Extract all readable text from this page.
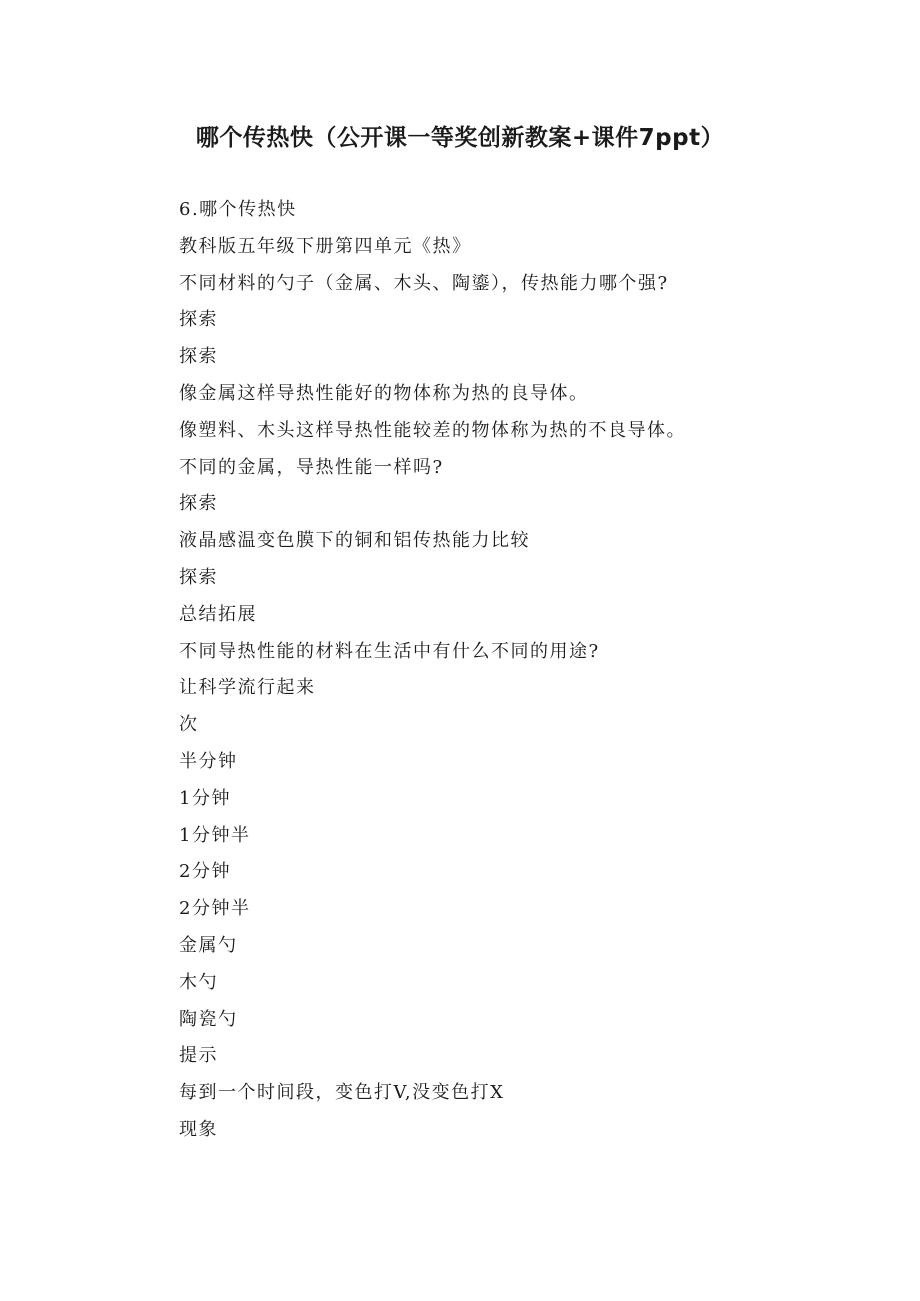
哪个传热快（公开课一等奖创新教案+课件7ppt）
6.哪个传热快
教科版五年级下册第四单元《热》
不同材料的勺子（金属、木头、陶鎏），传热能力哪个强?
探索
探索
像金属这样导热性能好的物体称为热的良导体。
像塑料、木头这样导热性能较差的物体称为热的不良导体。
不同的金属，导热性能一样吗?
探索
液晶感温变色膜下的铜和铝传热能力比较
探索
总结拓展
不同导热性能的材料在生活中有什么不同的用途?
让科学流行起来
次
半分钟
1分钟
1分钟半
2分钟
2分钟半
金属勺
木勺
陶瓷勺
提示
每到一个时间段，变色打V,没变色打X
现象
